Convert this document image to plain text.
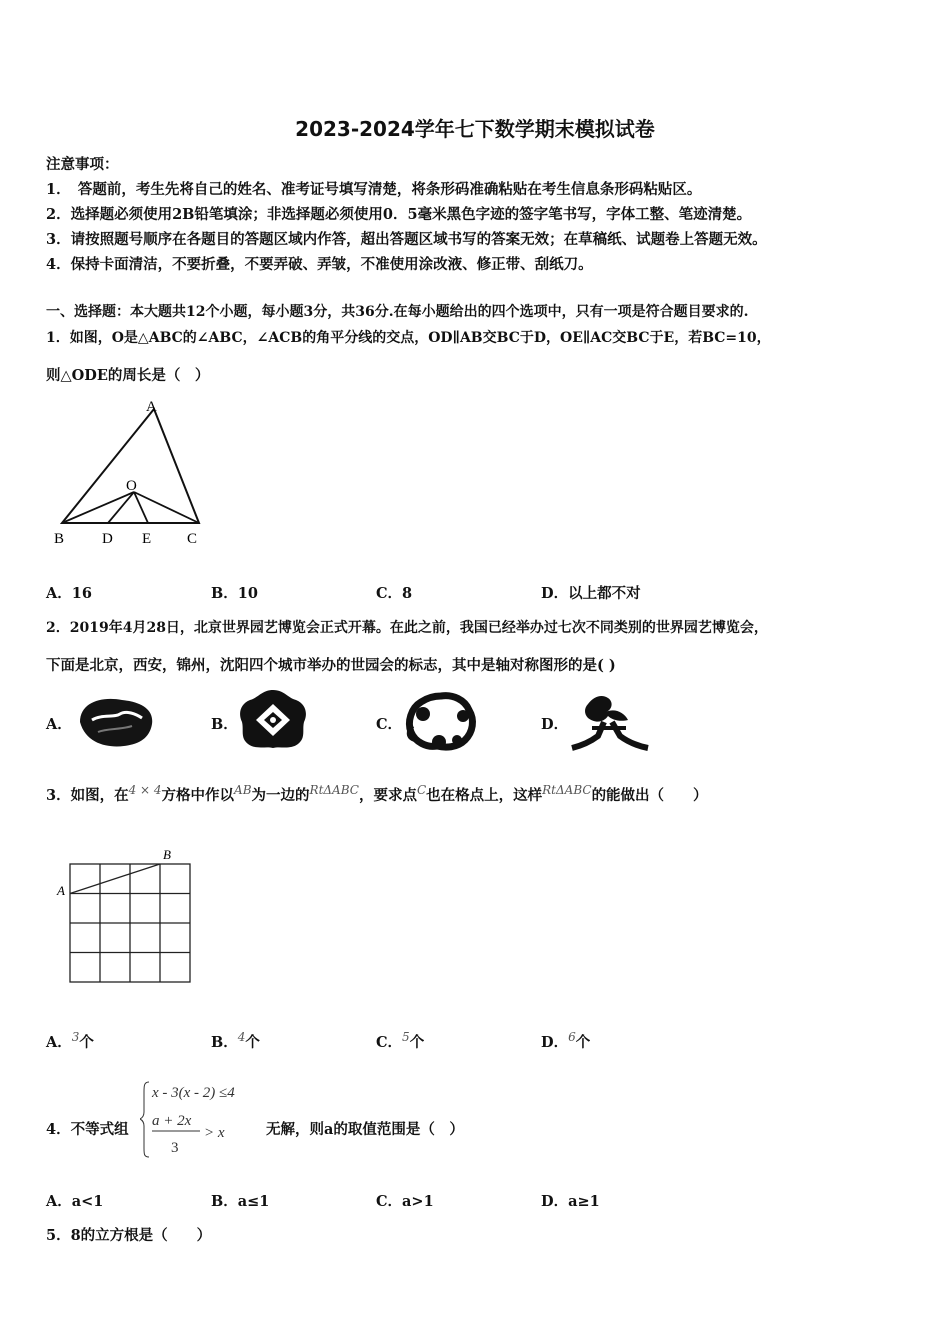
2023-2024学年七下数学期末模拟试卷
注意事项：
1．　答题前，考生先将自己的姓名、准考证号填写清楚，将条形码准确粘贴在考生信息条形码粘贴区。
2．选择题必须使用2B铅笔填涂；非选择题必须使用0．5毫米黑色字迹的签字笔书写，字体工整、笔迹清楚。
3．请按照题号顺序在各题目的答题区域内作答，超出答题区域书写的答案无效；在草稿纸、试题卷上答题无效。
4．保持卡面清洁，不要折叠，不要弄破、弄皱，不准使用涂改液、修正带、刮纸刀。
一、选择题：本大题共12个小题，每小题3分，共36分.在每小题给出的四个选项中，只有一项是符合题目要求的.
1．如图，O是△ABC的∠ABC，∠ACB的角平分线的交点，OD∥AB交BC于D，OE∥AC交BC于E，若BC=10，
则△ODE的周长是（　）
A
O
B	D E C
A．16	B．10	C．8	D．以上都不对
2．2019年4月28日，北京世界园艺博览会正式开幕。在此之前，我国已经举办过七次不同类别的世界园艺博览会，
下面是北京，西安，锦州，沈阳四个城市举办的世园会的标志，其中是轴对称图形的是( )
A．	B．	C．	D．
3．如图，在$^{4 \times 4}$方格中作以$^{AB}$为一边的$^{Rt\Delta ABC}$，要求点$^C$也在格点上，这样$^{Rt\Delta ABC}$的能做出（　　）
A
B
A．$^3$个	B．$^4$个	C．$^5$个	D．$^6$个
4．不等式组
x - 3(x - 2) ≤4
a + 2x
3
> x	无解，则a的取值范围是（　）
A．a<1	B．a≤1	C．a>1	D．a≥1
5．8的立方根是（　　）
